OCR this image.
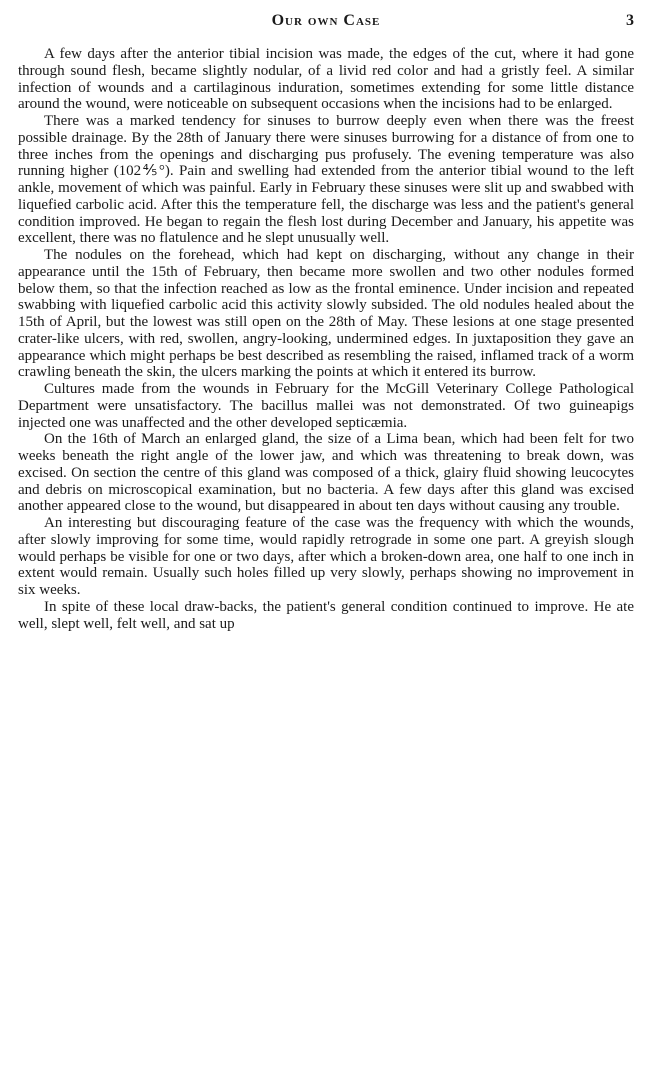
Our own Case	3

A few days after the anterior tibial incision was made, the edges of the cut, where it had gone through sound flesh, became slightly nodular, of a livid red color and had a gristly feel. A similar infection of wounds and a cartilaginous induration, sometimes extending for some little distance around the wound, were noticeable on subsequent occasions when the incisions had to be enlarged.

There was a marked tendency for sinuses to burrow deeply even when there was the freest possible drainage. By the 28th of January there were sinuses burrowing for a distance of from one to three inches from the openings and discharging pus profusely. The evening temperature was also running higher (102⅘°). Pain and swelling had extended from the anterior tibial wound to the left ankle, movement of which was painful. Early in February these sinuses were slit up and swabbed with liquefied carbolic acid. After this the temperature fell, the discharge was less and the patient's general condition improved. He began to regain the flesh lost during December and January, his appetite was excellent, there was no flatulence and he slept unusually well.

The nodules on the forehead, which had kept on discharging, without any change in their appearance until the 15th of February, then became more swollen and two other nodules formed below them, so that the infection reached as low as the frontal eminence. Under incision and repeated swabbing with liquefied carbolic acid this activity slowly subsided. The old nodules healed about the 15th of April, but the lowest was still open on the 28th of May. These lesions at one stage presented crater-like ulcers, with red, swollen, angry-looking, undermined edges. In juxtaposition they gave an appearance which might perhaps be best described as resembling the raised, inflamed track of a worm crawling beneath the skin, the ulcers marking the points at which it entered its burrow.

Cultures made from the wounds in February for the McGill Veterinary College Pathological Department were unsatisfactory. The bacillus mallei was not demonstrated. Of two guineapigs injected one was unaffected and the other developed septicæmia.

On the 16th of March an enlarged gland, the size of a Lima bean, which had been felt for two weeks beneath the right angle of the lower jaw, and which was threatening to break down, was excised. On section the centre of this gland was composed of a thick, glairy fluid showing leucocytes and debris on microscopical examination, but no bacteria. A few days after this gland was excised another appeared close to the wound, but disappeared in about ten days without causing any trouble.

An interesting but discouraging feature of the case was the frequency with which the wounds, after slowly improving for some time, would rapidly retrograde in some one part. A greyish slough would perhaps be visible for one or two days, after which a broken-down area, one half to one inch in extent would remain. Usually such holes filled up very slowly, perhaps showing no improvement in six weeks.

In spite of these local draw-backs, the patient's general condition continued to improve. He ate well, slept well, felt well, and sat up
